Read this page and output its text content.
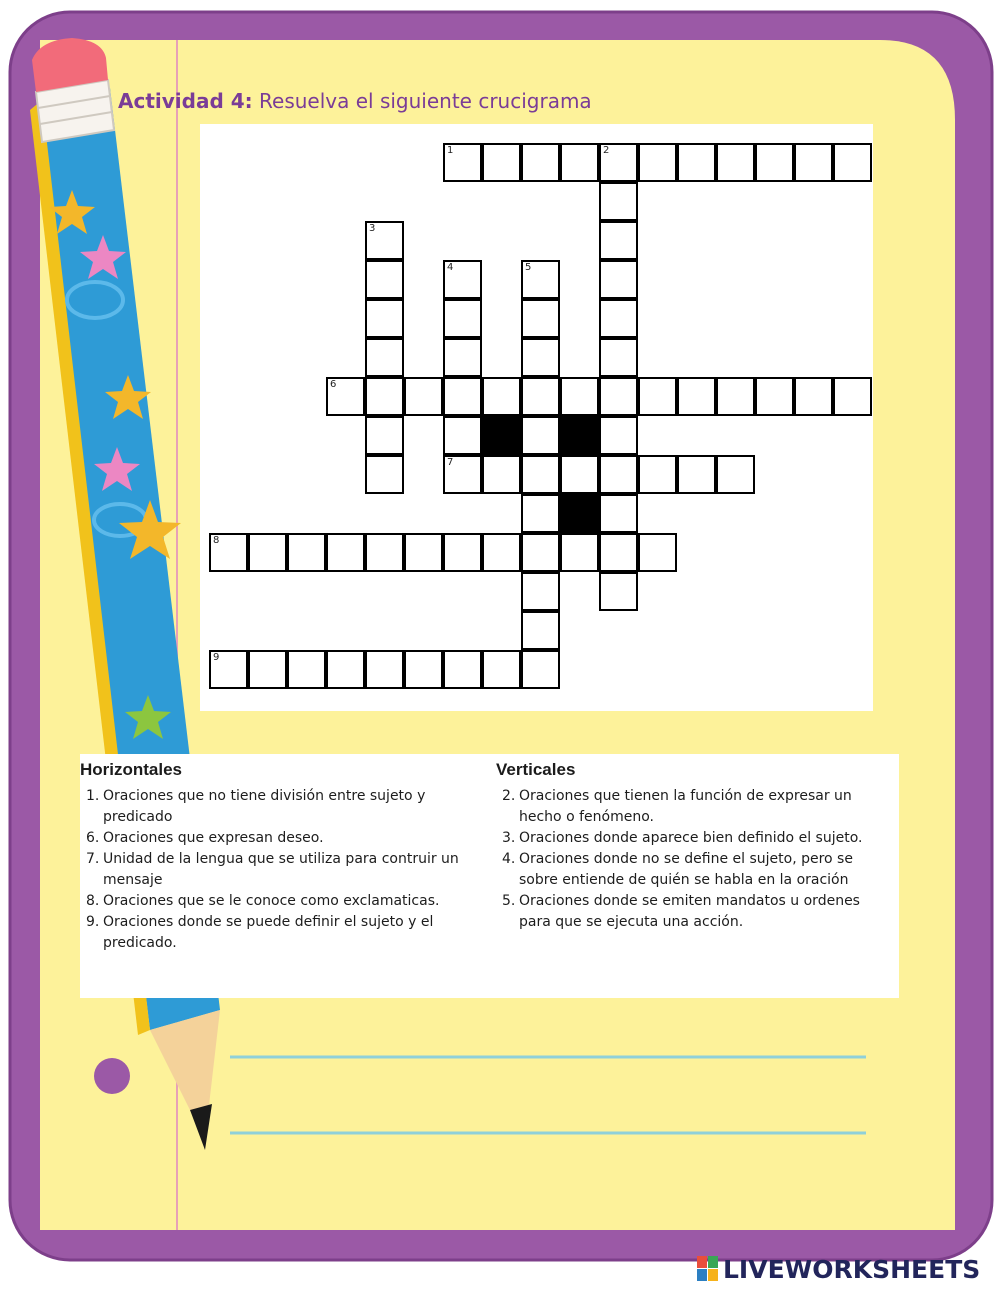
Actividad 4: Resuelva el siguiente crucigrama
1	2
3
4	5
6
7
8
9
Horizontales
1. Oraciones que no tiene división entre sujeto y predicado
6. Oraciones que expresan deseo.
7. Unidad de la lengua que se utiliza para contruir un mensaje
8. Oraciones que se le conoce como exclamaticas.
9. Oraciones donde se puede definir el sujeto y el predicado.
Verticales
2. Oraciones que tienen la función de expresar un hecho o fenómeno.
3. Oraciones donde aparece bien definido el sujeto.
4. Oraciones donde no se define el sujeto, pero se sobre entiende de quién se habla en la oración
5. Oraciones donde se emiten mandatos u ordenes para que se ejecuta una acción.
LIVEWORKSHEETS
